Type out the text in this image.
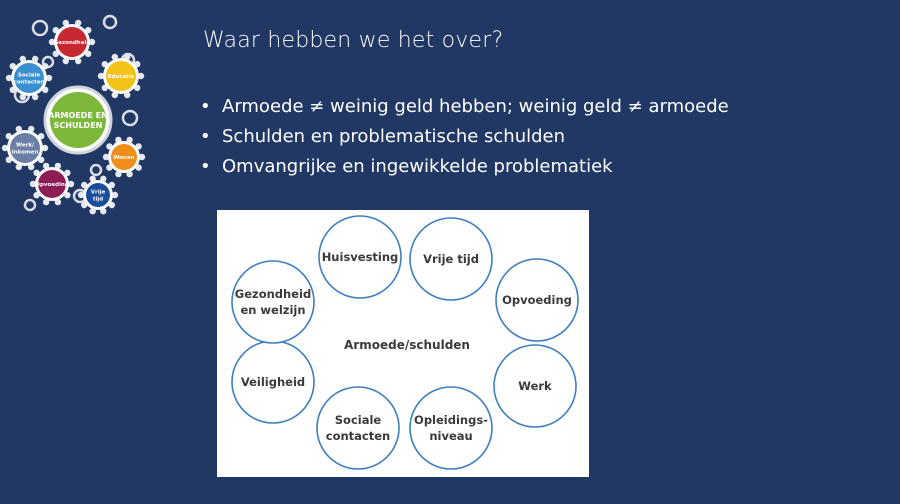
Gezondheid
Sociale
contacten
Educatie
Werk/
inkomen
Wonen
Opvoeding
Vrije
tijd
ARMOEDE EN
SCHULDEN
Waar hebben we het over?
• Armoede ≠ weinig geld hebben; weinig geld ≠ armoede
• Schulden en problematische schulden
• Omvangrijke en ingewikkelde problematiek
Huisvesting Vrije tijd
Opvoeding
Werk
Opleidings-
niveau
Sociale
contacten
Veiligheid
Gezondheid
en welzijn
Armoede/schulden
